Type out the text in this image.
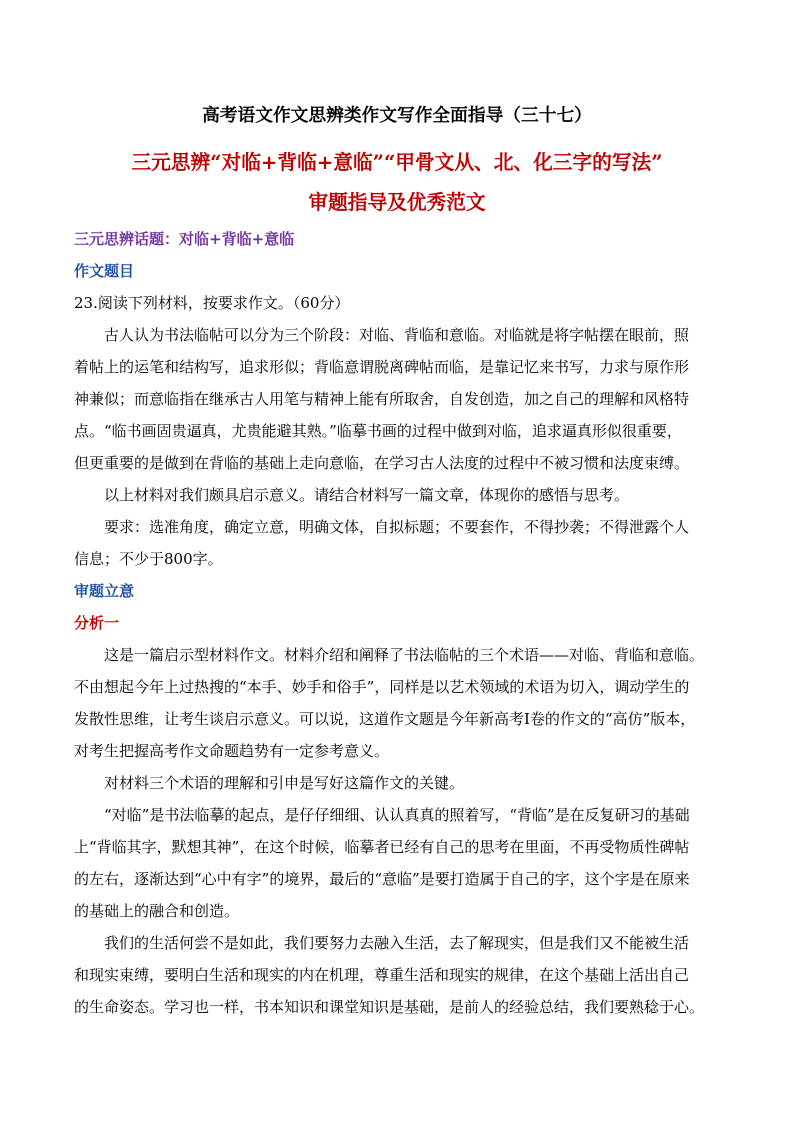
高考语文作文思辨类作文写作全面指导（三十七）
三元思辨“对临+背临+意临”“甲骨文从、北、化三字的写法”
审题指导及优秀范文
三元思辨话题：对临+背临+意临
作文题目
23.阅读下列材料，按要求作文。（60分）
古人认为书法临帖可以分为三个阶段：对临、背临和意临。对临就是将字帖摆在眼前，照
着帖上的运笔和结构写，追求形似；背临意谓脱离碑帖而临，是靠记忆来书写，力求与原作形
神兼似；而意临指在继承古人用笔与精神上能有所取舍，自发创造，加之自己的理解和风格特
点。“临书画固贵逼真，尤贵能避其熟。”临摹书画的过程中做到对临，追求逼真形似很重要，
但更重要的是做到在背临的基础上走向意临，在学习古人法度的过程中不被习惯和法度束缚。
以上材料对我们颇具启示意义。请结合材料写一篇文章，体现你的感悟与思考。
要求：选准角度，确定立意，明确文体，自拟标题；不要套作，不得抄袭；不得泄露个人
信息；不少于800字。
审题立意
分析一
这是一篇启示型材料作文。材料介绍和阐释了书法临帖的三个术语——对临、背临和意临。
不由想起今年上过热搜的“本手、妙手和俗手”，同样是以艺术领域的术语为切入，调动学生的
发散性思维，让考生谈启示意义。可以说，这道作文题是今年新高考Ⅰ卷的作文的“高仿”版本，
对考生把握高考作文命题趋势有一定参考意义。
对材料三个术语的理解和引申是写好这篇作文的关键。
“对临”是书法临摹的起点，是仔仔细细、认认真真的照着写，“背临”是在反复研习的基础
上“背临其字，默想其神”，在这个时候，临摹者已经有自己的思考在里面，不再受物质性碑帖
的左右，逐渐达到“心中有字”的境界，最后的“意临”是要打造属于自己的字，这个字是在原来
的基础上的融合和创造。
我们的生活何尝不是如此，我们要努力去融入生活，去了解现实，但是我们又不能被生活
和现实束缚，要明白生活和现实的内在机理，尊重生活和现实的规律，在这个基础上活出自己
的生命姿态。学习也一样，书本知识和课堂知识是基础，是前人的经验总结，我们要熟稔于心。
